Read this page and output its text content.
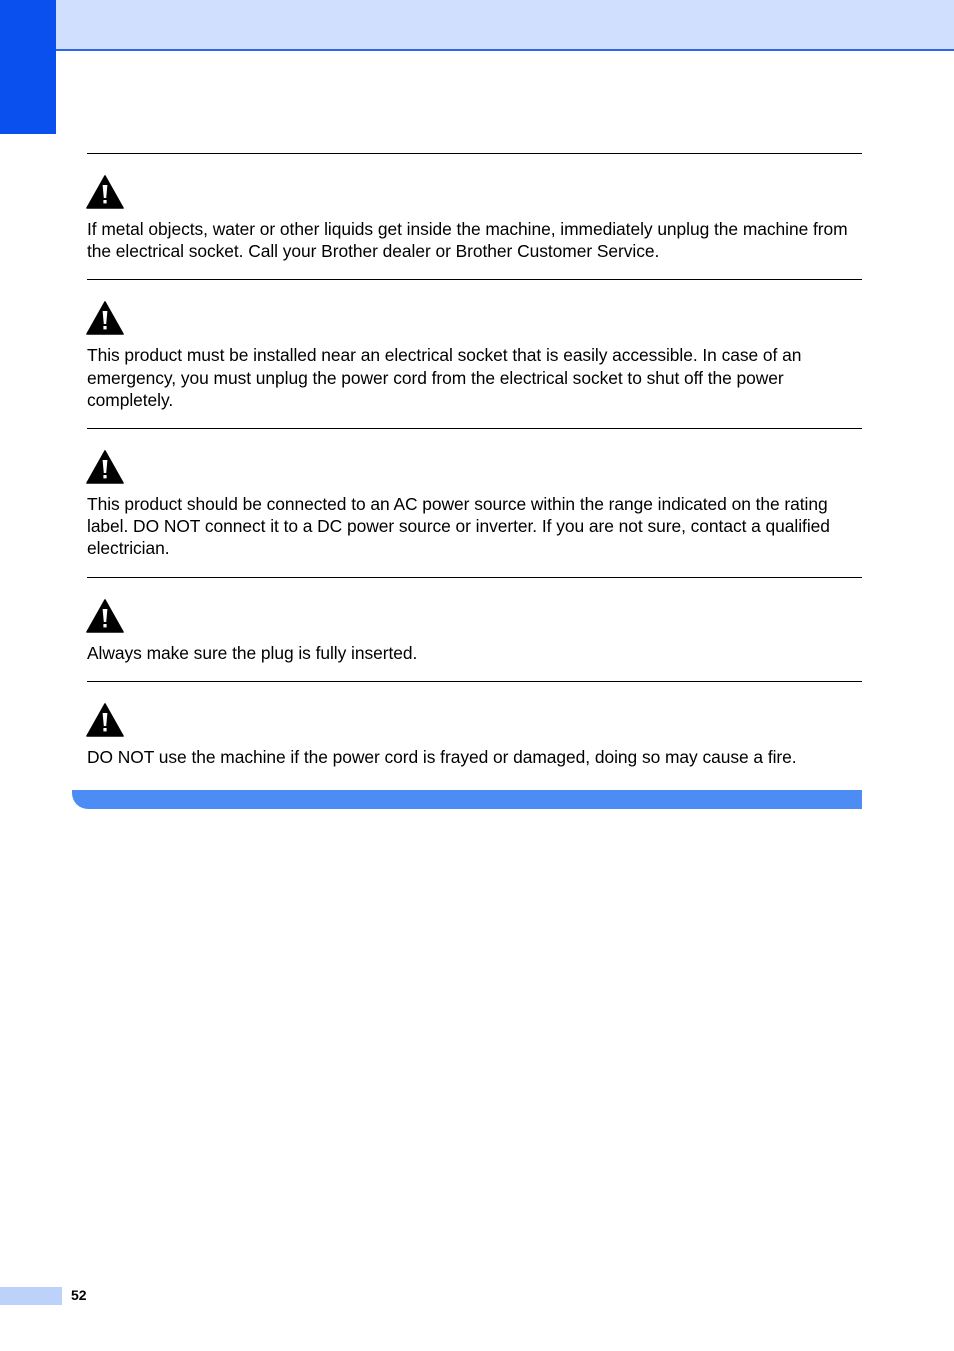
If metal objects, water or other liquids get inside the machine, immediately unplug the machine from the electrical socket. Call your Brother dealer or Brother Customer Service.

This product must be installed near an electrical socket that is easily accessible. In case of an emergency, you must unplug the power cord from the electrical socket to shut off the power completely.

This product should be connected to an AC power source within the range indicated on the rating label. DO NOT connect it to a DC power source or inverter. If you are not sure, contact a qualified electrician.

Always make sure the plug is fully inserted.

DO NOT use the machine if the power cord is frayed or damaged, doing so may cause a fire.

52
